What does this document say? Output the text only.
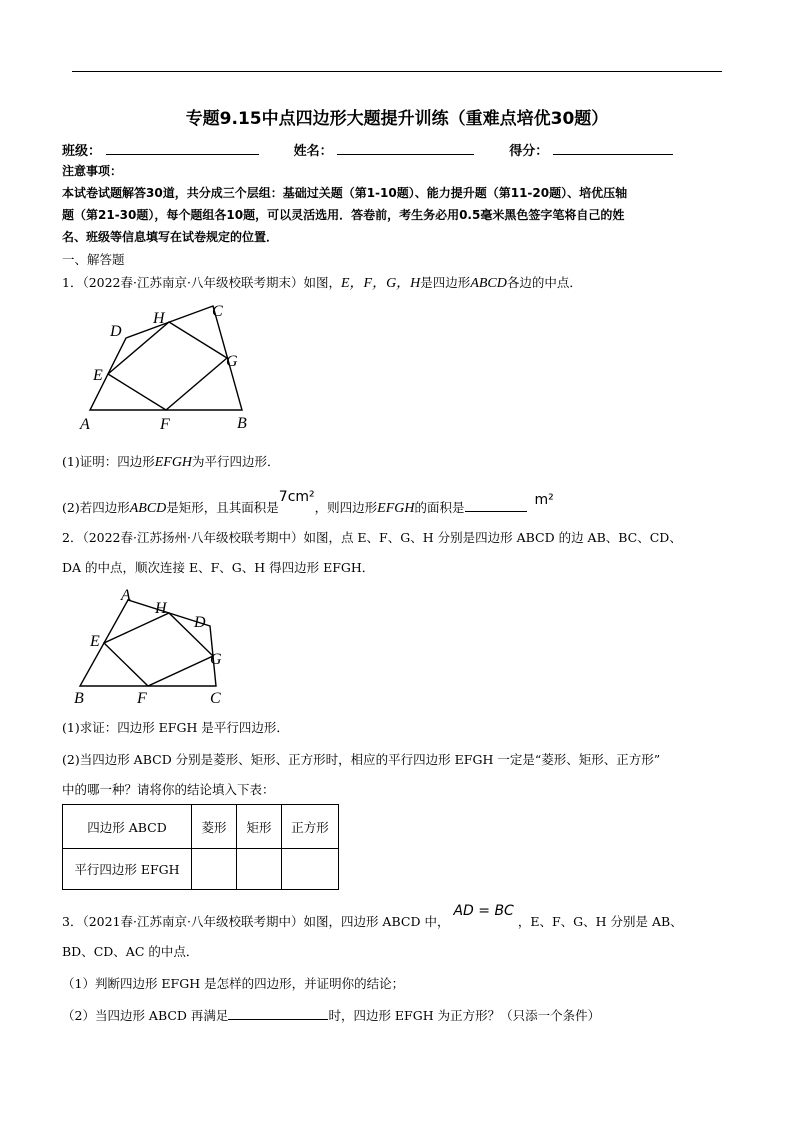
专题9.15中点四边形大题提升训练（重难点培优30题）
班级：	姓名：	得分：
注意事项：
本试卷试题解答30道，共分成三个层组：基础过关题（第1-10题）、能力提升题（第11-20题）、培优压轴
题（第21-30题），每个题组各10题，可以灵活选用．答卷前，考生务必用0.5毫米黑色签字笔将自己的姓
名、班级等信息填写在试卷规定的位置．
一、解答题
1．（2022春·江苏南京·八年级校联考期末）如图，E，F，G，H是四边形ABCD各边的中点．
A	B
C
D
E
F
G
H
(1)证明：四边形EFGH为平行四边形．
(2)若四边形ABCD是矩形，且其面积是7cm²，则四边形EFGH的面积是	m²
2．（2022春·江苏扬州·八年级校联考期中）如图，点 E、F、G、H 分别是四边形 ABCD 的边 AB、BC、CD、
DA 的中点，顺次连接 E、F、G、H 得四边形 EFGH．
A
B	C
D
E
F
G
H
(1)求证：四边形 EFGH 是平行四边形．
(2)当四边形 ABCD 分别是菱形、矩形、正方形时，相应的平行四边形 EFGH 一定是“菱形、矩形、正方形”
中的哪一种？请将你的结论填入下表：
四边形 ABCD	菱形	矩形	正方形
平行四边形 EFGH			
3．（2021春·江苏南京·八年级校联考期中）如图，四边形 ABCD 中，AD = BC，E、F、G、H 分别是 AB、
BD、CD、AC 的中点．
（1）判断四边形 EFGH 是怎样的四边形，并证明你的结论；
（2）当四边形 ABCD 再满足	时，四边形 EFGH 为正方形？（只添一个条件）
